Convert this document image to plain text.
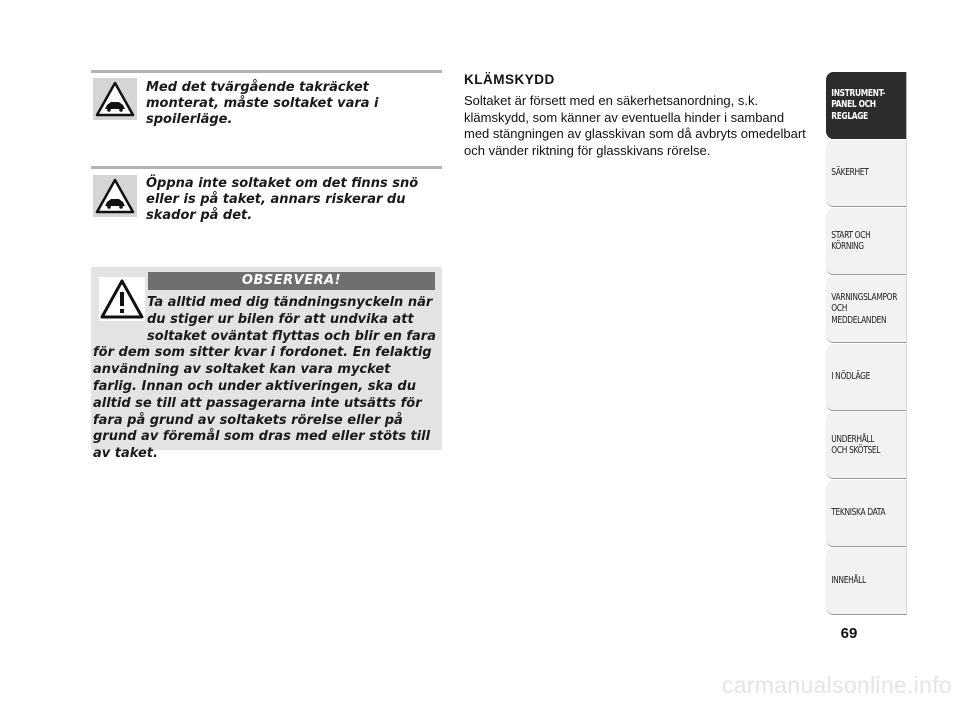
Med det tvärgående takräcket monterat, måste soltaket vara i spoilerläge.
Öppna inte soltaket om det finns snö eller is på taket, annars riskerar du skador på det.
OBSERVERA!
Ta alltid med dig tändningsnyckeln när du stiger ur bilen för att undvika att soltaket oväntat flyttas och blir en fara för dem som sitter kvar i fordonet. En felaktig användning av soltaket kan vara mycket farlig. Innan och under aktiveringen, ska du alltid se till att passagerarna inte utsätts för fara på grund av soltakets rörelse eller på grund av föremål som dras med eller stöts till av taket.
KLÄMSKYDD
Soltaket är försett med en säkerhetsanordning, s.k. klämskydd, som känner av eventuella hinder i samband med stängningen av glasskivan som då avbryts omedelbart och vänder riktning för glasskivans rörelse.
INSTRUMENT-
PANEL OCH
REGLAGE
SÄKERHET
START OCH
KÖRNING
VARNINGSLAMPOR
OCH
MEDDELANDEN
I NÖDLÄGE
UNDERHÅLL
OCH SKÖTSEL
TEKNISKA DATA
INNEHÅLL
69
carmanualsonline.info
